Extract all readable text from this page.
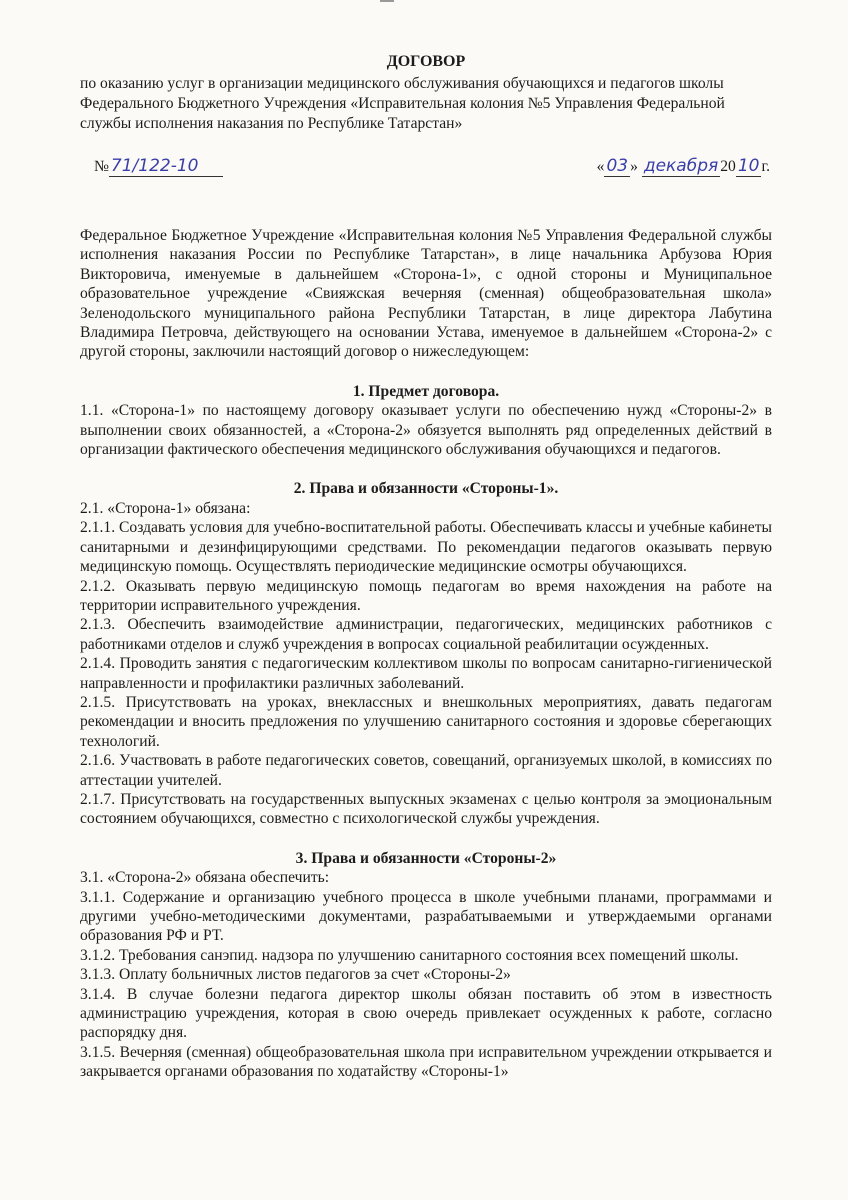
ДОГОВОР
по оказанию услуг в организации медицинского обслуживания обучающихся и педагогов школы
Федерального Бюджетного Учреждения «Исправительная колония №5 Управления Федеральной
службы исполнения наказания по Республике Татарстан»
№ 71/122-10	« 03 » декабря 20 10 г.

Федеральное Бюджетное Учреждение «Исправительная колония №5 Управления Федеральной службы исполнения наказания России по Республике Татарстан», в лице начальника Арбузова Юрия Викторовича, именуемые в дальнейшем «Сторона-1», с одной стороны и Муниципальное образовательное учреждение «Свияжская вечерняя (сменная) общеобразовательная школа» Зеленодольского муниципального района Республики Татарстан, в лице директора Лабутина Владимира Петровча, действующего на основании Устава, именуемое в дальнейшем «Сторона-2» с другой стороны, заключили настоящий договор о нижеследующем:

1. Предмет договора.

1.1. «Сторона-1» по настоящему договору оказывает услуги по обеспечению нужд «Стороны-2» в выполнении своих обязанностей, а «Сторона-2» обязуется выполнять ряд определенных действий в организации фактического обеспечения медицинского обслуживания обучающихся и педагогов.

2. Права и обязанности «Стороны-1».

2.1. «Сторона-1» обязана:

2.1.1. Создавать условия для учебно-воспитательной работы. Обеспечивать классы и учебные кабинеты санитарными и дезинфицирующими средствами. По рекомендации педагогов оказывать первую медицинскую помощь. Осуществлять периодические медицинские осмотры обучающихся.

2.1.2. Оказывать первую медицинскую помощь педагогам во время нахождения на работе на территории исправительного учреждения.

2.1.3. Обеспечить взаимодействие администрации, педагогических, медицинских работников с работниками отделов и служб учреждения в вопросах социальной реабилитации осужденных.

2.1.4. Проводить занятия с педагогическим коллективом школы по вопросам санитарно-гигиенической направленности и профилактики различных заболеваний.

2.1.5. Присутствовать на уроках, внеклассных и внешкольных мероприятиях, давать педагогам рекомендации и вносить предложения по улучшению санитарного состояния и здоровье сберегающих технологий.

2.1.6. Участвовать в работе педагогических советов, совещаний, организуемых школой, в комиссиях по аттестации учителей.

2.1.7. Присутствовать на государственных выпускных экзаменах с целью контроля за эмоциональным состоянием обучающихся, совместно с психологической службы учреждения.

3. Права и обязанности «Стороны-2»

3.1. «Сторона-2» обязана обеспечить:

3.1.1. Содержание и организацию учебного процесса в школе учебными планами, программами и другими учебно-методическими документами, разрабатываемыми и утверждаемыми органами образования РФ и РТ.

3.1.2. Требования санэпид. надзора по улучшению санитарного состояния всех помещений школы.

3.1.3. Оплату больничных листов педагогов за счет «Стороны-2»

3.1.4. В случае болезни педагога директор школы обязан поставить об этом в известность администрацию учреждения, которая в свою очередь привлекает осужденных к работе, согласно распорядку дня.

3.1.5. Вечерняя (сменная) общеобразовательная школа при исправительном учреждении открывается и закрывается органами образования по ходатайству «Стороны-1»
